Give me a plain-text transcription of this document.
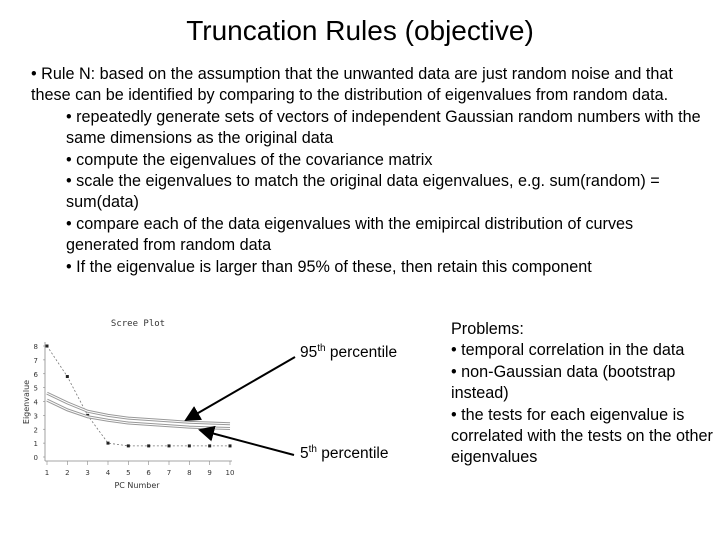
Truncation Rules (objective)
• Rule N: based on the assumption that the unwanted data are just random noise and that these can be identified by comparing to the distribution of eigenvalues from random data.
• repeatedly generate sets of vectors of independent Gaussian random numbers with the same dimensions as the original data
• compute the eigenvalues of the covariance matrix
• scale the eigenvalues to match the original data eigenvalues, e.g. sum(random) = sum(data)
• compare each of the data eigenvalues with the emipircal distribution of curves generated from random data
• If the eigenvalue is larger than 95% of these, then retain this component
Scree Plot
PC Number
Eigenvalue
0
1
2
3
4
5
6
7
8
1 2 3 4 5 6 7 8 9 10
95th percentile
5th percentile
Problems:
• temporal correlation in the data
• non-Gaussian data (bootstrap instead)
• the tests for each eigenvalue is correlated with the tests on the other eigenvalues
